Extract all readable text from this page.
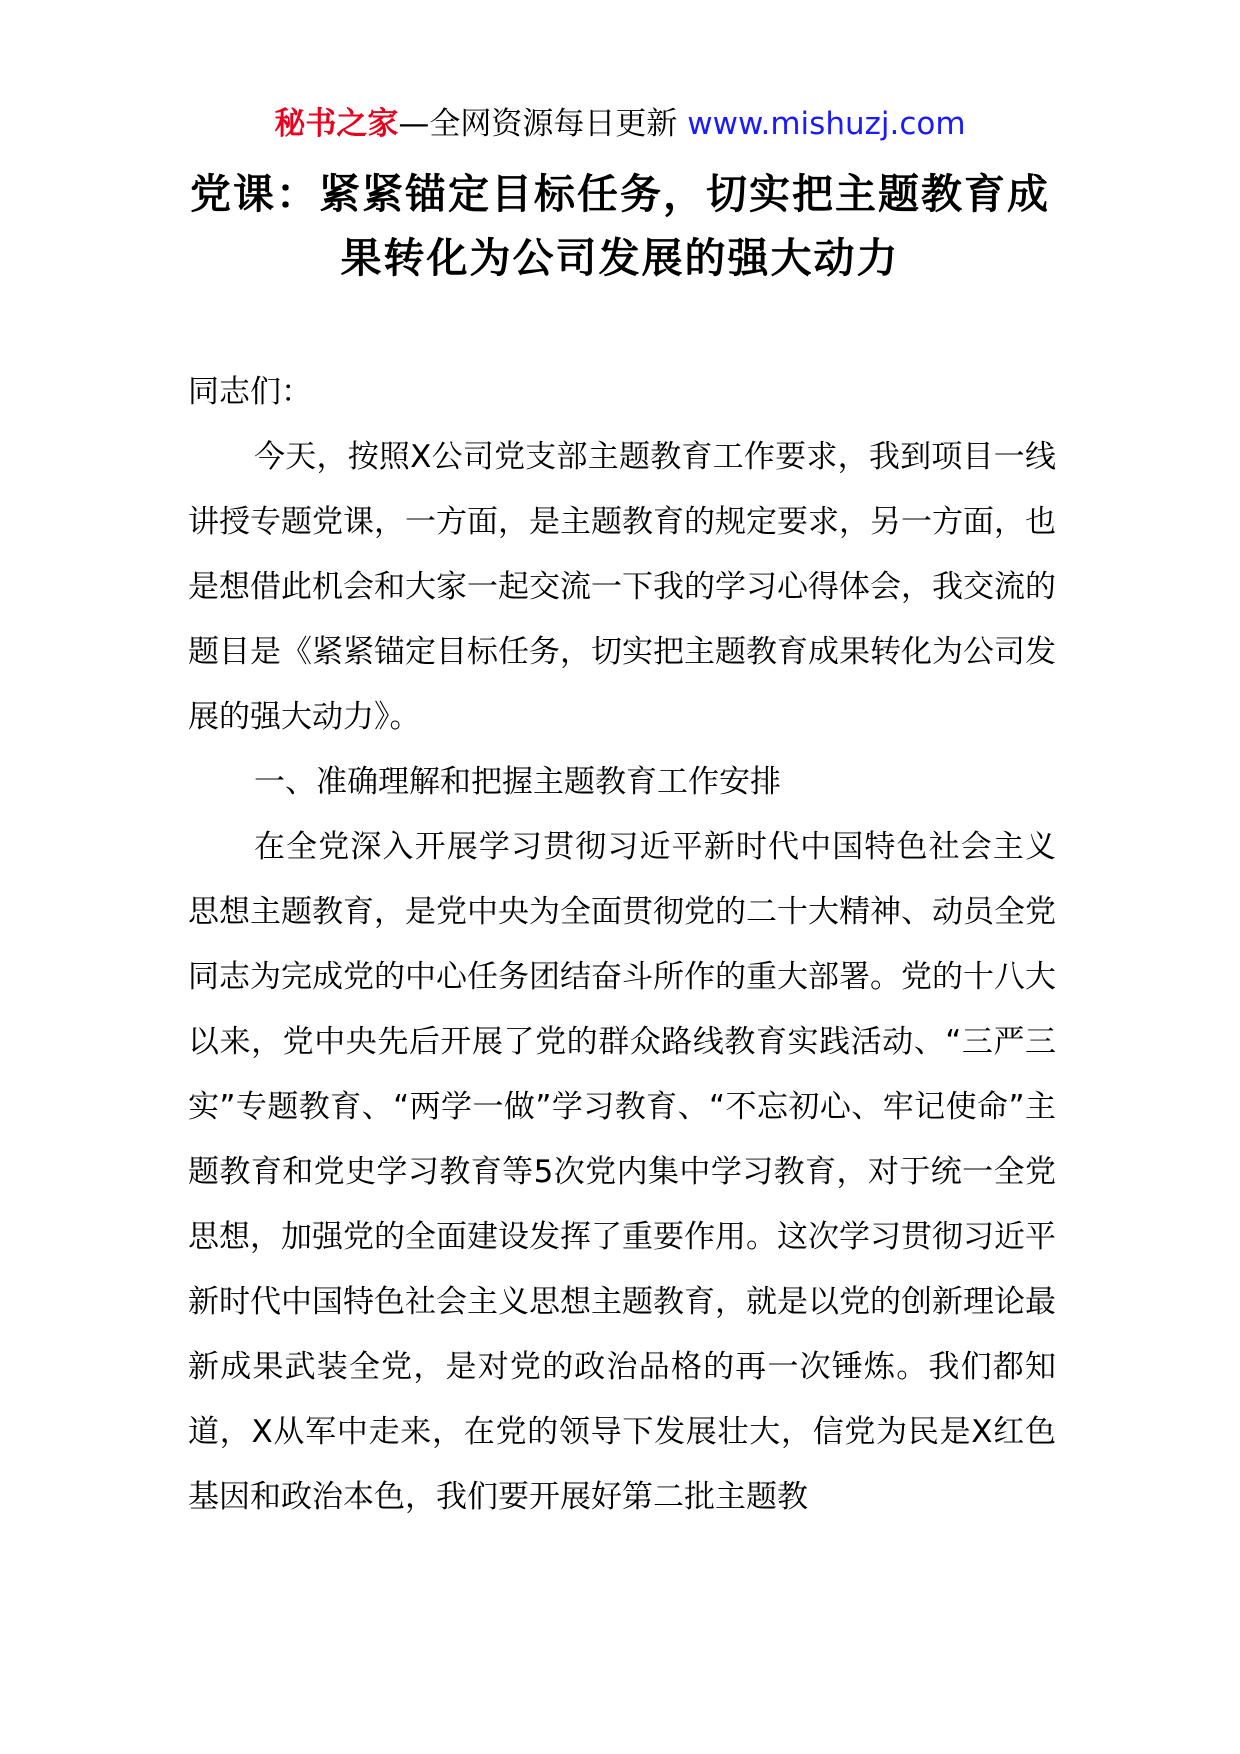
秘书之家—全网资源每日更新 www.mishuzj.com
党课：紧紧锚定目标任务，切实把主题教育成
果转化为公司发展的强大动力

同志们：

今天，按照X公司党支部主题教育工作要求，我到项目一线讲授专题党课，一方面，是主题教育的规定要求，另一方面，也是想借此机会和大家一起交流一下我的学习心得体会，我交流的题目是《紧紧锚定目标任务，切实把主题教育成果转化为公司发展的强大动力》。

一、准确理解和把握主题教育工作安排

在全党深入开展学习贯彻习近平新时代中国特色社会主义思想主题教育，是党中央为全面贯彻党的二十大精神、动员全党同志为完成党的中心任务团结奋斗所作的重大部署。党的十八大以来，党中央先后开展了党的群众路线教育实践活动、“三严三实”专题教育、“两学一做”学习教育、“不忘初心、牢记使命”主题教育和党史学习教育等5次党内集中学习教育，对于统一全党思想，加强党的全面建设发挥了重要作用。这次学习贯彻习近平新时代中国特色社会主义思想主题教育，就是以党的创新理论最新成果武装全党，是对党的政治品格的再一次锤炼。我们都知道，X从军中走来，在党的领导下发展壮大，信党为民是X红色基因和政治本色，我们要开展好第二批主题教
